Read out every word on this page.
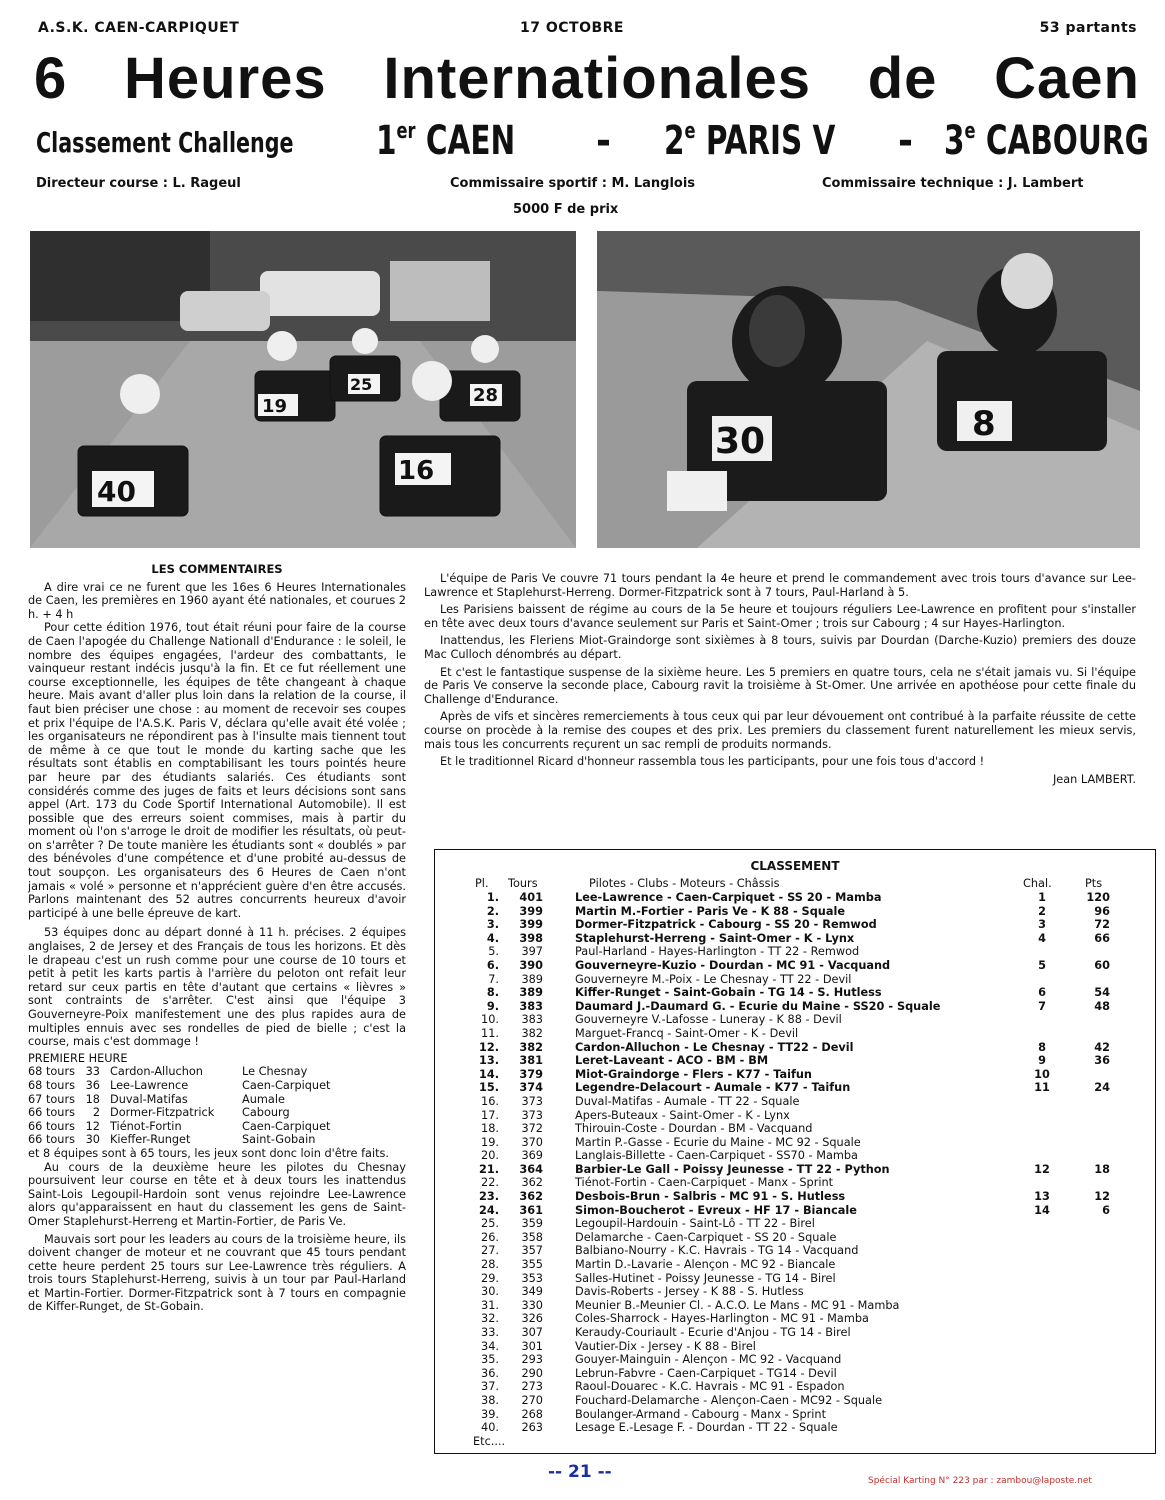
A.S.K. CAEN-CARPIQUET	17 OCTOBRE	53 partants
6 Heures Internationales de Caen
Classement Challenge 1er CAEN - 2e PARIS V - 3e CABOURG
Directeur course : L. Rageul	Commissaire sportif : M. Langlois	Commissaire technique : J. Lambert
5000 F de prix
40
16
19
25
28
30	8
LES COMMENTAIRES

A dire vrai ce ne furent que les 16es 6 Heures Internationales de Caen, les premières en 1960 ayant été nationales, et courues 2 h. + 4 h

Pour cette édition 1976, tout était réuni pour faire de la course de Caen l'apogée du Challenge Nationall d'Endurance : le soleil, le nombre des équipes engagées, l'ardeur des combattants, le vainqueur restant indécis jusqu'à la fin. Et ce fut réellement une course exceptionnelle, les équipes de tête changeant à chaque heure. Mais avant d'aller plus loin dans la relation de la course, il faut bien préciser une chose : au moment de recevoir ses coupes et prix l'équipe de l'A.S.K. Paris V, déclara qu'elle avait été volée ; les organisateurs ne répondirent pas à l'insulte mais tiennent tout de même à ce que tout le monde du karting sache que les résultats sont établis en comptabilisant les tours pointés heure par heure par des étudiants salariés. Ces étudiants sont considérés comme des juges de faits et leurs décisions sont sans appel (Art. 173 du Code Sportif International Automobile). Il est possible que des erreurs soient commises, mais à partir du moment où l'on s'arroge le droit de modifier les résultats, où peut-on s'arrêter ? De toute manière les étudiants sont « doublés » par des bénévoles d'une compétence et d'une probité au-dessus de tout soupçon. Les organisateurs des 6 Heures de Caen n'ont jamais « volé » personne et n'apprécient guère d'en être accusés. Parlons maintenant des 52 autres concurrents heureux d'avoir participé à une belle épreuve de kart.

53 équipes donc au départ donné à 11 h. précises. 2 équipes anglaises, 2 de Jersey et des Français de tous les horizons. Et dès le drapeau c'est un rush comme pour une course de 10 tours et petit à petit les karts partis à l'arrière du peloton ont refait leur retard sur ceux partis en tête d'autant que certains « lièvres » sont contraints de s'arrêter. C'est ainsi que l'équipe 3 Gouverneyre-Poix manifestement une des plus rapides aura de multiples ennuis avec ses rondelles de pied de bielle ; c'est la course, mais c'est dommage !

PREMIERE HEURE
68 tours	33	Cardon-Alluchon	Le Chesnay
68 tours	36	Lee-Lawrence	Caen-Carpiquet
67 tours	18	Duval-Matifas	Aumale
66 tours	2	Dormer-Fitzpatrick	Cabourg
66 tours	12	Tiénot-Fortin	Caen-Carpiquet
66 tours	30	Kieffer-Runget	Saint-Gobain

et 8 équipes sont à 65 tours, les jeux sont donc loin d'être faits.

Au cours de la deuxième heure les pilotes du Chesnay poursuivent leur course en tête et à deux tours les inattendus Saint-Lois Legoupil-Hardoin sont venus rejoindre Lee-Lawrence alors qu'apparaissent en haut du classement les gens de Saint-Omer Staplehurst-Herreng et Martin-Fortier, de Paris Ve.

Mauvais sort pour les leaders au cours de la troisième heure, ils doivent changer de moteur et ne couvrant que 45 tours pendant cette heure perdent 25 tours sur Lee-Lawrence très réguliers. A trois tours Staplehurst-Herreng, suivis à un tour par Paul-Harland et Martin-Fortier. Dormer-Fitzpatrick sont à 7 tours en compagnie de Kiffer-Runget, de St-Gobain.

L'équipe de Paris Ve couvre 71 tours pendant la 4e heure et prend le commandement avec trois tours d'avance sur Lee-Lawrence et Staplehurst-Herreng. Dormer-Fitzpatrick sont à 7 tours, Paul-Harland à 5.

Les Parisiens baissent de régime au cours de la 5e heure et toujours réguliers Lee-Lawrence en profitent pour s'installer en tête avec deux tours d'avance seulement sur Paris et Saint-Omer ; trois sur Cabourg ; 4 sur Hayes-Harlington.

Inattendus, les Fleriens Miot-Graindorge sont sixièmes à 8 tours, suivis par Dourdan (Darche-Kuzio) premiers des douze Mac Culloch dénombrés au départ.

Et c'est le fantastique suspense de la sixième heure. Les 5 premiers en quatre tours, cela ne s'était jamais vu. Si l'équipe de Paris Ve conserve la seconde place, Cabourg ravit la troisième à St-Omer. Une arrivée en apothéose pour cette finale du Challenge d'Endurance.

Après de vifs et sincères remerciements à tous ceux qui par leur dévouement ont contribué à la parfaite réussite de cette course on procède à la remise des coupes et des prix. Les premiers du classement furent naturellement les mieux servis, mais tous les concurrents reçurent un sac rempli de produits normands.

Et le traditionnel Ricard d'honneur rassembla tous les participants, pour une fois tous d'accord !

Jean LAMBERT.
CLASSEMENT
Pl. Tours	Pilotes - Clubs - Moteurs - Châssis	Chal.	Pts
1.	401	Lee-Lawrence - Caen-Carpiquet - SS 20 - Mamba	1	120
2.	399	Martin M.-Fortier - Paris Ve - K 88 - Squale	2	96
3.	399	Dormer-Fitzpatrick - Cabourg - SS 20 - Remwod	3	72
4.	398	Staplehurst-Herreng - Saint-Omer - K - Lynx	4	66
5.	397	Paul-Harland - Hayes-Harlington - TT 22 - Remwod
6.	390	Gouverneyre-Kuzio - Dourdan - MC 91 - Vacquand	5	60
7.	389	Gouverneyre M.-Poix - Le Chesnay - TT 22 - Devil
8.	389	Kiffer-Runget - Saint-Gobain - TG 14 - S. Hutless	6	54
9.	383	Daumard J.-Daumard G. - Ecurie du Maine - SS20 - Squale	7	48
10.	383	Gouverneyre V.-Lafosse - Luneray - K 88 - Devil
11.	382	Marguet-Francq - Saint-Omer - K - Devil
12.	382	Cardon-Alluchon - Le Chesnay - TT22 - Devil	8	42
13.	381	Leret-Laveant - ACO - BM - BM	9	36
14.	379	Miot-Graindorge - Flers - K77 - Taifun	10
15.	374	Legendre-Delacourt - Aumale - K77 - Taifun	11	24
16.	373	Duval-Matifas - Aumale - TT 22 - Squale
17.	373	Apers-Buteaux - Saint-Omer - K - Lynx
18.	372	Thirouin-Coste - Dourdan - BM - Vacquand
19.	370	Martin P.-Gasse - Ecurie du Maine - MC 92 - Squale
20.	369	Langlais-Billette - Caen-Carpiquet - SS70 - Mamba
21.	364	Barbier-Le Gall - Poissy Jeunesse - TT 22 - Python	12	18
22.	362	Tiénot-Fortin - Caen-Carpiquet - Manx - Sprint
23.	362	Desbois-Brun - Salbris - MC 91 - S. Hutless	13	12
24.	361	Simon-Boucherot - Evreux - HF 17 - Biancale	14	6
25.	359	Legoupil-Hardouin - Saint-Lô - TT 22 - Birel
26.	358	Delamarche - Caen-Carpiquet - SS 20 - Squale
27.	357	Balbiano-Nourry - K.C. Havrais - TG 14 - Vacquand
28.	355	Martin D.-Lavarie - Alençon - MC 92 - Biancale
29.	353	Salles-Hutinet - Poissy Jeunesse - TG 14 - Birel
30.	349	Davis-Roberts - Jersey - K 88 - S. Hutless
31.	330	Meunier B.-Meunier Cl. - A.C.O. Le Mans - MC 91 - Mamba
32.	326	Coles-Sharrock - Hayes-Harlington - MC 91 - Mamba
33.	307	Keraudy-Couriault - Ecurie d'Anjou - TG 14 - Birel
34.	301	Vautier-Dix - Jersey - K 88 - Birel
35.	293	Gouyer-Mainguin - Alençon - MC 92 - Vacquand
36.	290	Lebrun-Fabvre - Caen-Carpiquet - TG14 - Devil
37.	273	Raoul-Douarec - K.C. Havrais - MC 91 - Espadon
38.	270	Fouchard-Delamarche - Alençon-Caen - MC92 - Squale
39.	268	Boulanger-Armand - Cabourg - Manx - Sprint
40.	263	Lesage E.-Lesage F. - Dourdan - TT 22 - Squale
Etc....
-- 21 --	Spécial Karting N° 223 par : zambou@laposte.net
